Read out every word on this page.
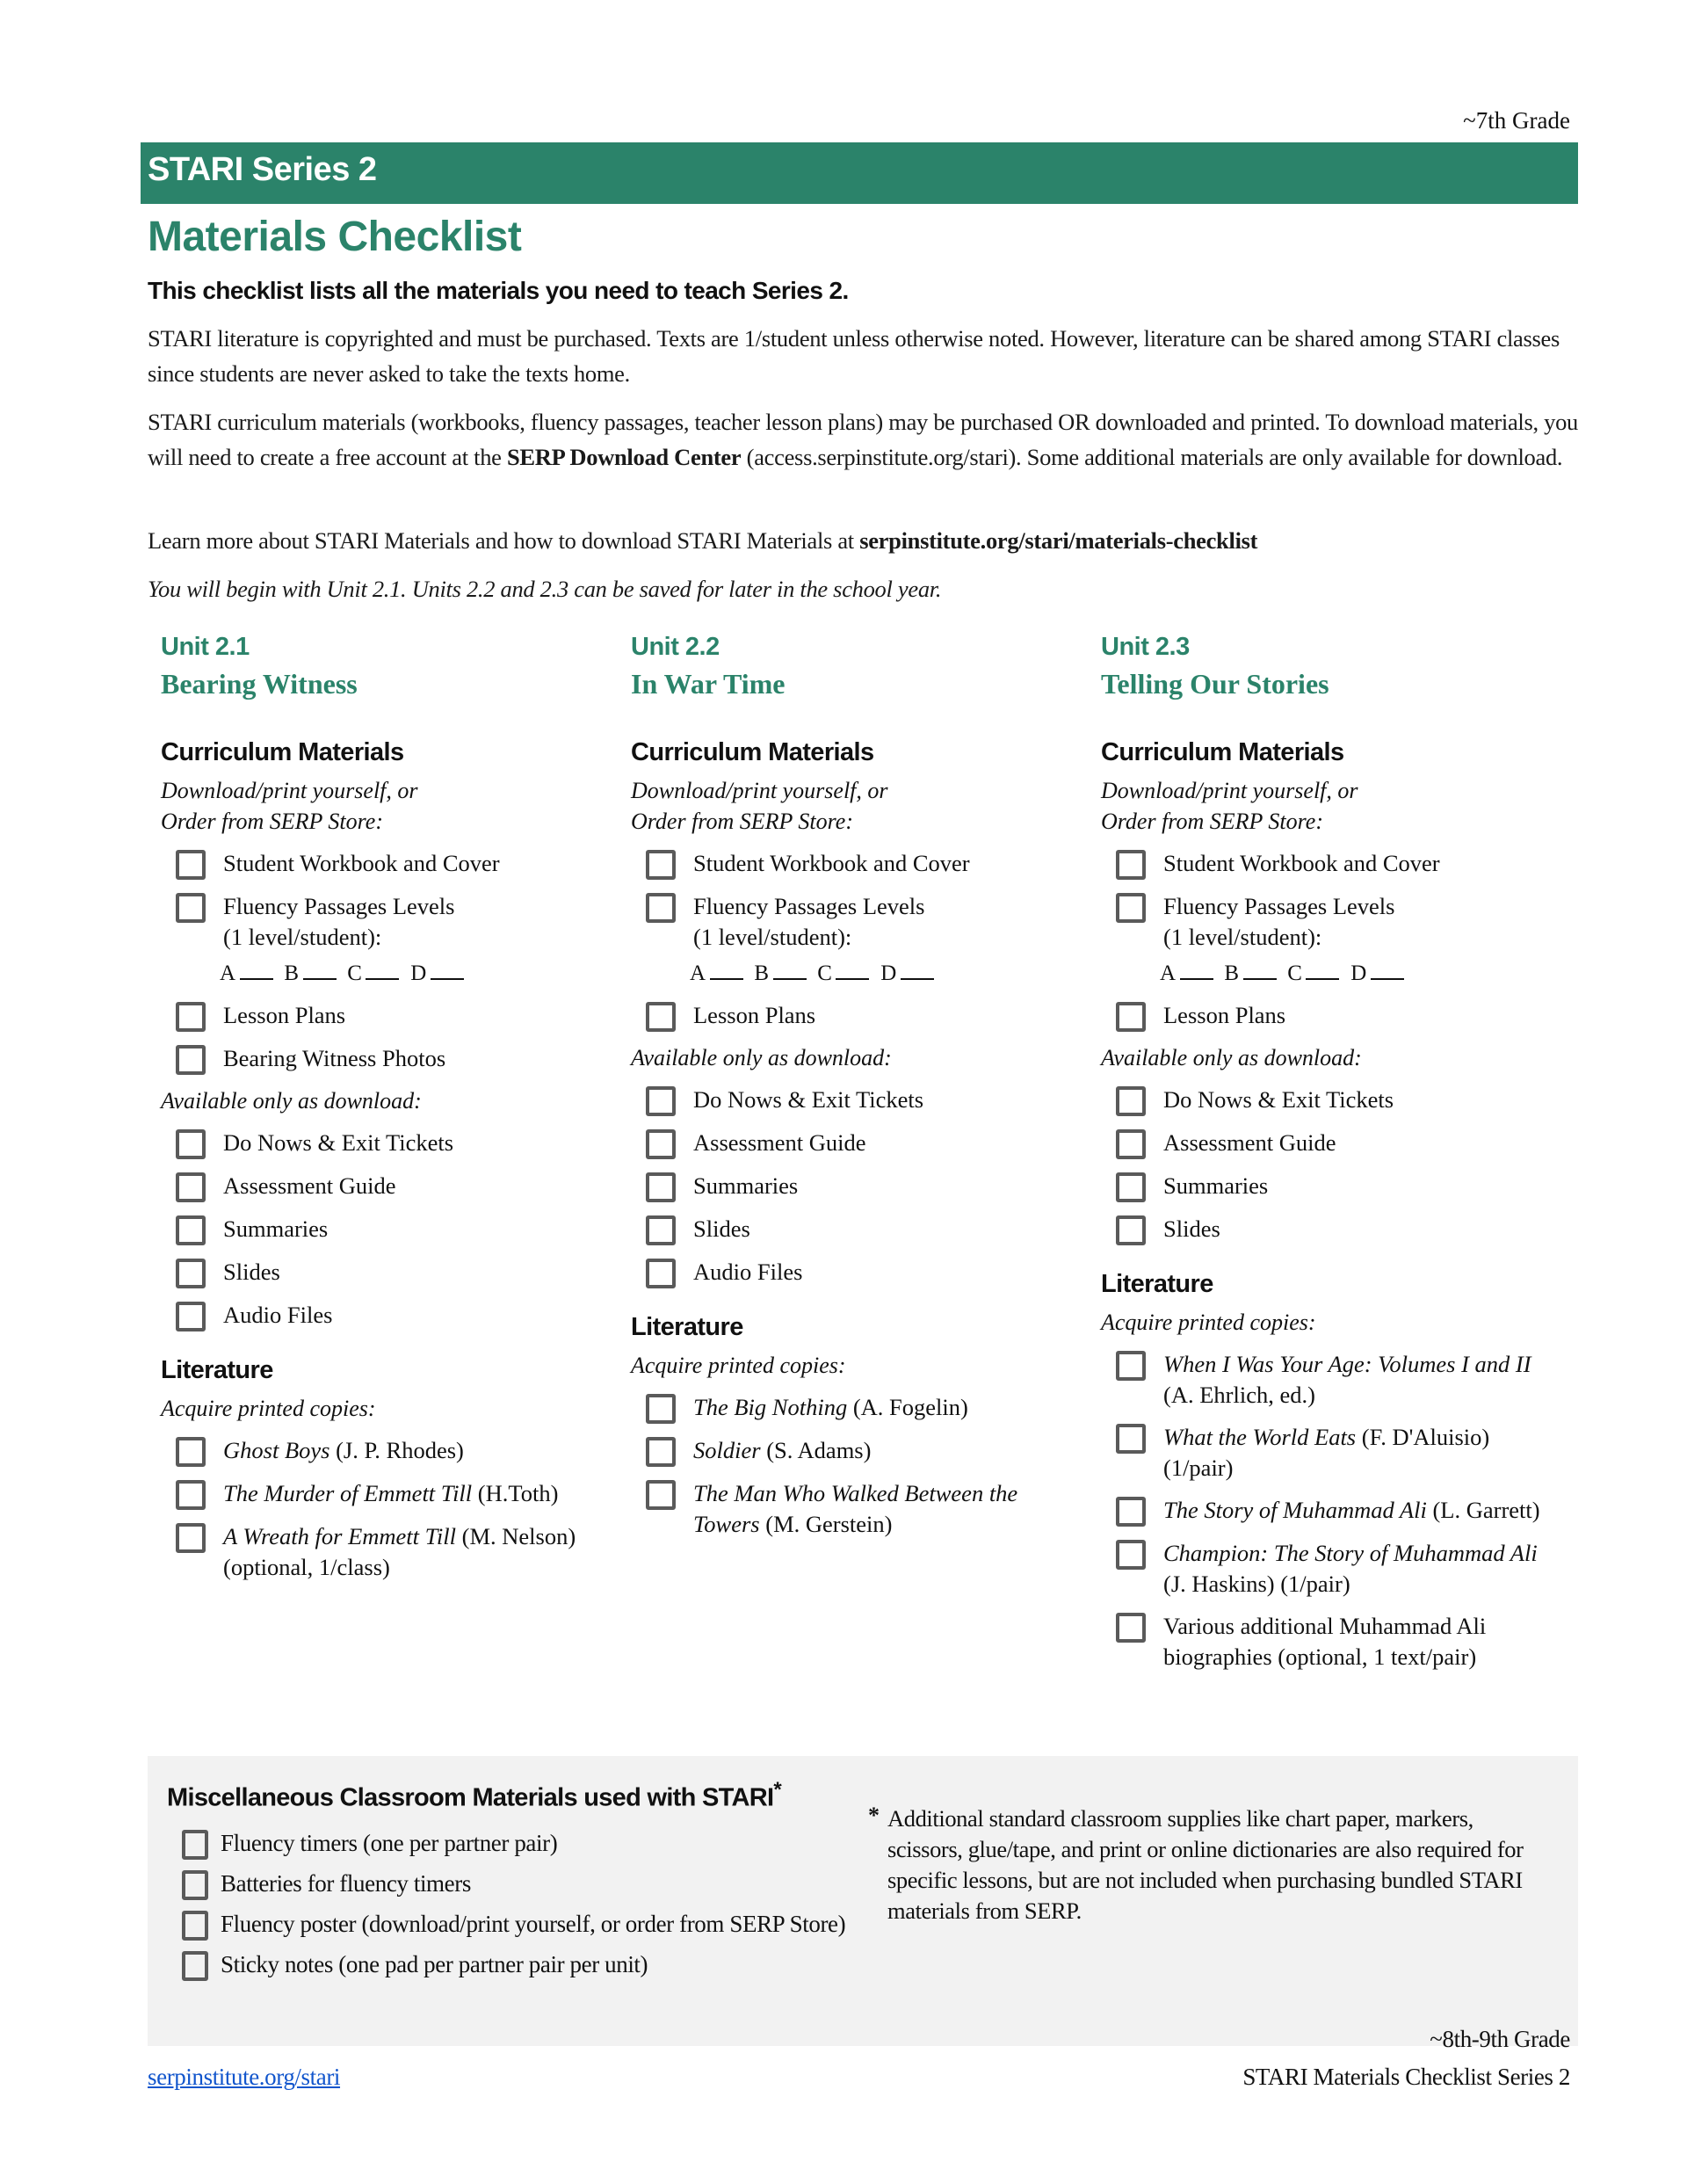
~7th Grade
STARI Series 2
Materials Checklist
This checklist lists all the materials you need to teach Series 2.
STARI literature is copyrighted and must be purchased. Texts are 1/student unless otherwise noted. However, literature can be shared among STARI classes since students are never asked to take the texts home.
STARI curriculum materials (workbooks, fluency passages, teacher lesson plans) may be purchased OR downloaded and printed. To download materials, you will need to create a free account at the SERP Download Center (access.serpinstitute.org/stari). Some additional materials are only available for download.
Learn more about STARI Materials and how to download STARI Materials at serpinstitute.org/stari/materials-checklist
You will begin with Unit 2.1. Units 2.2 and 2.3 can be saved for later in the school year.
Unit 2.1
Bearing Witness
Curriculum Materials
Download/print yourself, or
Order from SERP Store:
Student Workbook and Cover
Fluency Passages Levels
(1 level/student):
A B C D
Lesson Plans
Bearing Witness Photos
Available only as download:
Do Nows & Exit Tickets
Assessment Guide
Summaries
Slides
Audio Files
Literature
Acquire printed copies:
Ghost Boys (J. P. Rhodes)
The Murder of Emmett Till (H.Toth)
A Wreath for Emmett Till (M. Nelson) (optional, 1/class)
Unit 2.2
In War Time
Curriculum Materials
Download/print yourself, or
Order from SERP Store:
Student Workbook and Cover
Fluency Passages Levels
(1 level/student):
A B C D
Lesson Plans
Available only as download:
Do Nows & Exit Tickets
Assessment Guide
Summaries
Slides
Audio Files
Literature
Acquire printed copies:
The Big Nothing (A. Fogelin)
Soldier (S. Adams)
The Man Who Walked Between the Towers (M. Gerstein)
Unit 2.3
Telling Our Stories
Curriculum Materials
Download/print yourself, or
Order from SERP Store:
Student Workbook and Cover
Fluency Passages Levels
(1 level/student):
A B C D
Lesson Plans
Available only as download:
Do Nows & Exit Tickets
Assessment Guide
Summaries
Slides
Literature
Acquire printed copies:
When I Was Your Age: Volumes I and II (A. Ehrlich, ed.)
What the World Eats (F. D'Aluisio) (1/pair)
The Story of Muhammad Ali (L. Garrett)
Champion: The Story of Muhammad Ali (J. Haskins) (1/pair)
Various additional Muhammad Ali biographies (optional, 1 text/pair)
Miscellaneous Classroom Materials used with STARI*
Fluency timers (one per partner pair)
Batteries for fluency timers
Fluency poster (download/print yourself, or order from SERP Store)
Sticky notes (one pad per partner pair per unit)
* Additional standard classroom supplies like chart paper, markers, scissors, glue/tape, and print or online dictionaries are also required for specific lessons, but are not included when purchasing bundled STARI materials from SERP.
~8th-9th Grade
serpinstitute.org/stari	STARI Materials Checklist Series 2
